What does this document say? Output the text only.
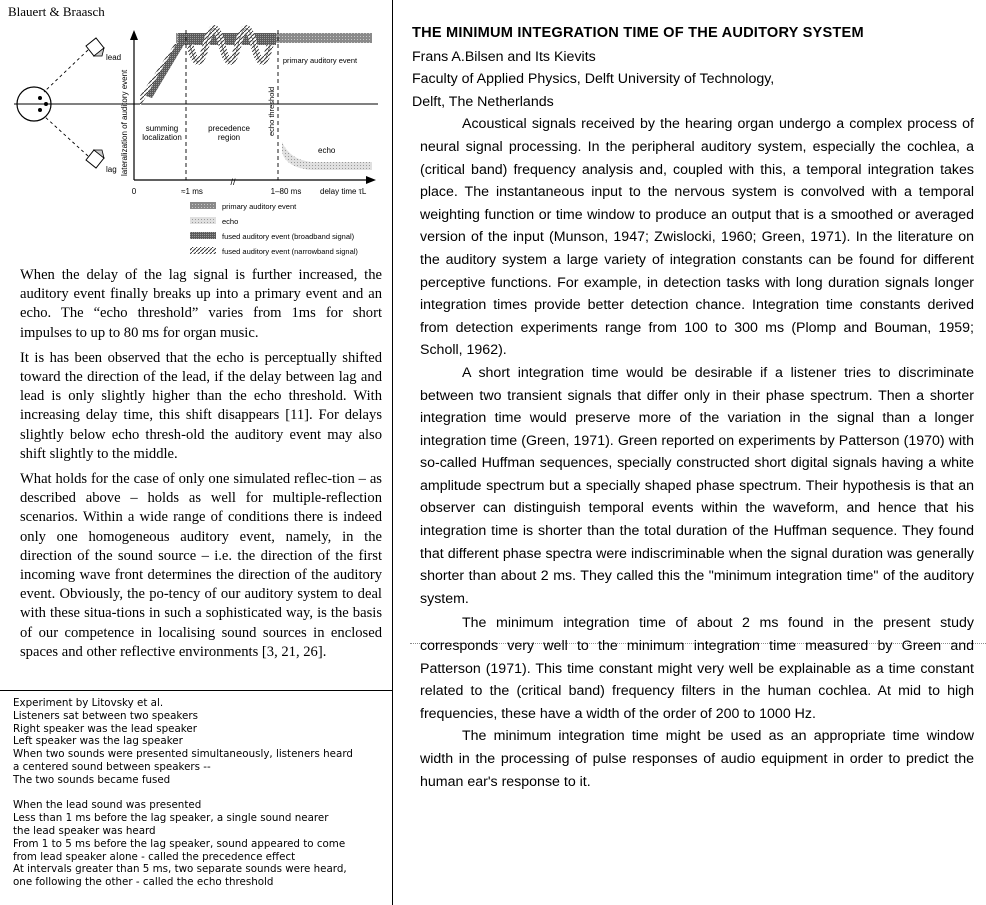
Blauert & Braasch
lead
lag lateralization of auditory event
//
primary auditory event
echo
summing
localization
precedence
region
echo threshold
0	≈1 ms	1–80 ms delay time τL
primary auditory event
echo
fused auditory event (broadband signal)
fused auditory event (narrowband signal)

When the delay of the lag signal is further increased, the auditory event finally breaks up into a primary event and an echo. The “echo threshold” varies from 1ms for short impulses to up to 80 ms for organ music.

It is has been observed that the echo is perceptually shifted toward the direction of the lead, if the delay between lag and lead is only slightly higher than the echo threshold. With increasing delay time, this shift disappears [11]. For delays slightly below echo thresh-old the auditory event may also shift slightly to the middle.

What holds for the case of only one simulated reflec-tion – as described above – holds as well for multiple-reflection scenarios. Within a wide range of conditions there is indeed only one homogeneous auditory event, namely, in the direction of the sound source – i.e. the direction of the first incoming wave front determines the direction of the auditory event. Obviously, the po-tency of our auditory system to deal with these situa-tions in such a sophisticated way, is the basis of our competence in localising sound sources in enclosed spaces and other reflective environments [3, 21, 26].

Experiment by Litovsky et al.
Listeners sat between two speakers
Right speaker was the lead speaker
Left speaker was the lag speaker
When two sounds were presented simultaneously, listeners heard
a centered sound between speakers --
The two sounds became fused
When the lead sound was presented
Less than 1 ms before the lag speaker, a single sound nearer
the lead speaker was heard
From 1 to 5 ms before the lag speaker, sound appeared to come
from lead speaker alone - called the precedence effect
At intervals greater than 5 ms, two separate sounds were heard,
one following the other - called the echo threshold
THE MINIMUM INTEGRATION TIME OF THE AUDITORY SYSTEM
Frans A.Bilsen and Its Kievits
Faculty of Applied Physics, Delft University of Technology,
Delft, The Netherlands

Acoustical signals received by the hearing organ undergo a complex process of neural signal processing. In the peripheral auditory system, especially the cochlea, a (critical band) frequency analysis and, coupled with this, a temporal integration takes place. The instantaneous input to the nervous system is convolved with a temporal weighting function or time window to produce an output that is a smoothed or averaged version of the input (Munson, 1947; Zwislocki, 1960; Green, 1971). In the literature on the auditory system a large variety of integration constants can be found for different perceptive functions. For example, in detection tasks with long duration signals longer integration times provide better detection chance. Integration time constants derived from detection experiments range from 100 to 300 ms (Plomp and Bouman, 1959; Scholl, 1962).

A short integration time would be desirable if a listener tries to discriminate between two transient signals that differ only in their phase spectrum. Then a shorter integration time would preserve more of the variation in the signal than a longer integration time (Green, 1971). Green reported on experiments by Patterson (1970) with so-called Huffman sequences, specially constructed short digital signals having a white amplitude spectrum but a specially shaped phase spectrum. Their hypothesis is that an observer can distinguish temporal events within the waveform, and hence that his integration time is shorter than the total duration of the Huffman sequence. They found that different phase spectra were indiscriminable when the signal duration was generally shorter than about 2 ms. They called this the "minimum integration time" of the auditory system.

The minimum integration time of about 2 ms found in the present study corresponds very well to the minimum integration time measured by Green and Patterson (1971). This time constant might very well be explainable as a time constant related to the (critical band) frequency filters in the human cochlea. At mid to high frequencies, these have a width of the order of 200 to 1000 Hz.

The minimum integration time might be used as an appropriate time window width in the processing of pulse responses of audio equipment in order to predict the human ear's response to it.
